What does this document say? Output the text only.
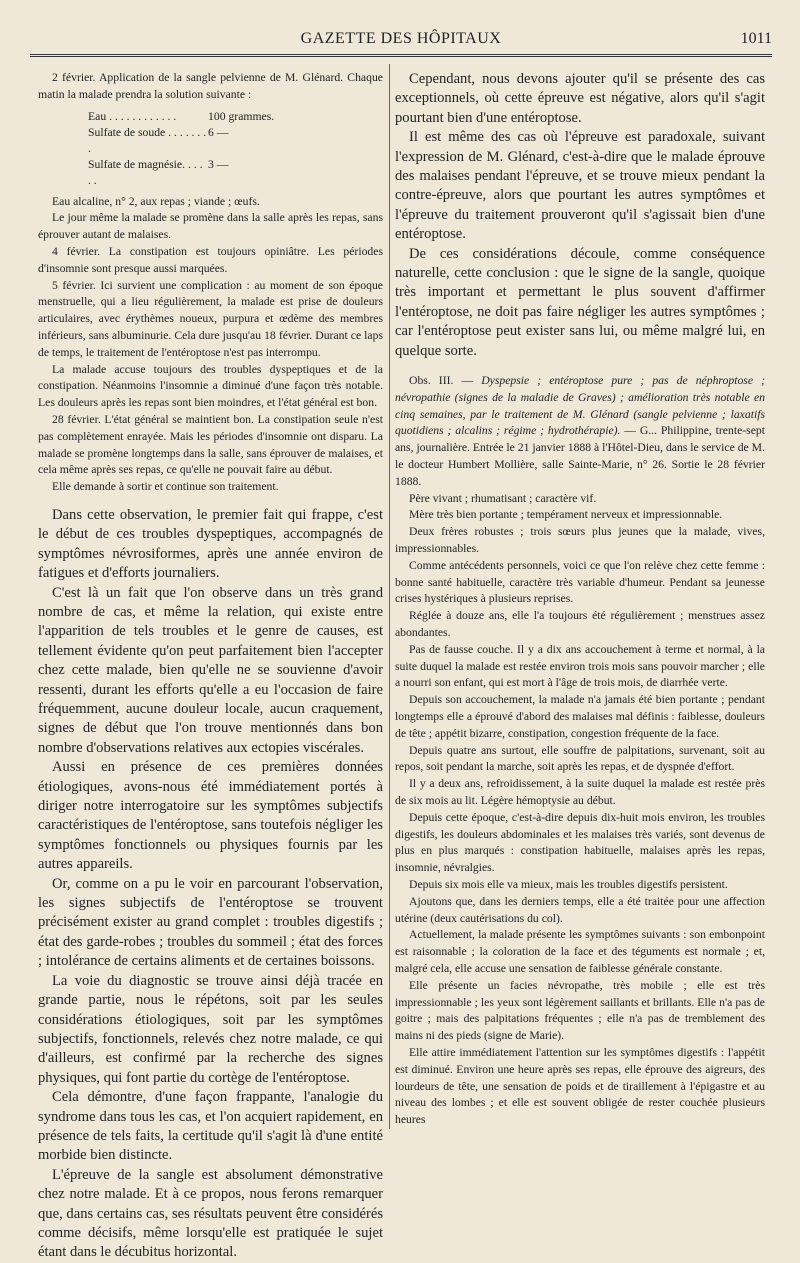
GAZETTE DES HÔPITAUX	1011

2 février. Application de la sangle pelvienne de M. Glénard. Chaque matin la malade prendra la solution suivante :

Eau . . . . . . . . . . . .	100 grammes.
Sulfate de soude . . . . . . . .
6 —
Sulfate de magnésie. . . . . .
3 —

Eau alcaline, n° 2, aux repas ; viande ; œufs.

Le jour même la malade se promène dans la salle après les repas, sans éprouver autant de malaises.

4 février. La constipation est toujours opiniâtre. Les périodes d'insomnie sont presque aussi marquées.

5 février. Ici survient une complication : au moment de son époque menstruelle, qui a lieu régulièrement, la malade est prise de douleurs articulaires, avec érythèmes noueux, purpura et œdème des membres inférieurs, sans albuminurie. Cela dure jusqu'au 18 février. Durant ce laps de temps, le traitement de l'entéroptose n'est pas interrompu.

La malade accuse toujours des troubles dyspeptiques et de la constipation. Néanmoins l'insomnie a diminué d'une façon très notable. Les douleurs après les repas sont bien moindres, et l'état général est bon.

28 février. L'état général se maintient bon. La constipation seule n'est pas complètement enrayée. Mais les périodes d'insomnie ont disparu. La malade se promène longtemps dans la salle, sans éprouver de malaises, et cela même après ses repas, ce qu'elle ne pouvait faire au début.

Elle demande à sortir et continue son traitement.

Dans cette observation, le premier fait qui frappe, c'est le début de ces troubles dyspeptiques, accompagnés de symptômes névrosiformes, après une année environ de fatigues et d'efforts journaliers.

C'est là un fait que l'on observe dans un très grand nombre de cas, et même la relation, qui existe entre l'apparition de tels troubles et le genre de causes, est tellement évidente qu'on peut parfaitement bien l'accepter chez cette malade, bien qu'elle ne se souvienne d'avoir ressenti, durant les efforts qu'elle a eu l'occasion de faire fréquemment, aucune douleur locale, aucun craquement, signes de début que l'on trouve mentionnés dans bon nombre d'observations relatives aux ectopies viscérales.

Aussi en présence de ces premières données étiologiques, avons-nous été immédiatement portés à diriger notre interrogatoire sur les symptômes subjectifs caractéristiques de l'entéroptose, sans toutefois négliger les symptômes fonctionnels ou physiques fournis par les autres appareils.

Or, comme on a pu le voir en parcourant l'observation, les signes subjectifs de l'entéroptose se trouvent précisément exister au grand complet : troubles digestifs ; état des garde-robes ; troubles du sommeil ; état des forces ; intolérance de certains aliments et de certaines boissons.

La voie du diagnostic se trouve ainsi déjà tracée en grande partie, nous le répétons, soit par les seules considérations étiologiques, soit par les symptômes subjectifs, fonctionnels, relevés chez notre malade, ce qui d'ailleurs, est confirmé par la recherche des signes physiques, qui font partie du cortège de l'entéroptose.

Cela démontre, d'une façon frappante, l'analogie du syndrome dans tous les cas, et l'on acquiert rapidement, en présence de tels faits, la certitude qu'il s'agit là d'une entité morbide bien distincte.

L'épreuve de la sangle est absolument démonstrative chez notre malade. Et à ce propos, nous ferons remarquer que, dans certains cas, ses résultats peuvent être considérés comme décisifs, même lorsqu'elle est pratiquée le sujet étant dans le décubitus horizontal.

Cependant, nous devons ajouter qu'il se présente des cas exceptionnels, où cette épreuve est négative, alors qu'il s'agit pourtant bien d'une entéroptose.

Il est même des cas où l'épreuve est paradoxale, suivant l'expression de M. Glénard, c'est-à-dire que le malade éprouve des malaises pendant l'épreuve, et se trouve mieux pendant la contre-épreuve, alors que pourtant les autres symptômes et l'épreuve du traitement prouveront qu'il s'agissait bien d'une entéroptose.

De ces considérations découle, comme conséquence naturelle, cette conclusion : que le signe de la sangle, quoique très important et permettant le plus souvent d'affirmer l'entéroptose, ne doit pas faire négliger les autres symptômes ; car l'entéroptose peut exister sans lui, ou même malgré lui, en quelque sorte.

Obs. III. — Dyspepsie ; entéroptose pure ; pas de néphroptose ; névropathie (signes de la maladie de Graves) ; amélioration très notable en cinq semaines, par le traitement de M. Glénard (sangle pelvienne ; laxatifs quotidiens ; alcalins ; régime ; hydrothérapie). — G... Philippine, trente-sept ans, journalière. Entrée le 21 janvier 1888 à l'Hôtel-Dieu, dans le service de M. le docteur Humbert Mollière, salle Sainte-Marie, n° 26. Sortie le 28 février 1888.

Père vivant ; rhumatisant ; caractère vif.

Mère très bien portante ; tempérament nerveux et impressionnable.

Deux frères robustes ; trois sœurs plus jeunes que la malade, vives, impressionnables.

Comme antécédents personnels, voici ce que l'on relève chez cette femme : bonne santé habituelle, caractère très variable d'humeur. Pendant sa jeunesse crises hystériques à plusieurs reprises.

Réglée à douze ans, elle l'a toujours été régulièrement ; menstrues assez abondantes.

Pas de fausse couche. Il y a dix ans accouchement à terme et normal, à la suite duquel la malade est restée environ trois mois sans pouvoir marcher ; elle a nourri son enfant, qui est mort à l'âge de trois mois, de diarrhée verte.

Depuis son accouchement, la malade n'a jamais été bien portante ; pendant longtemps elle a éprouvé d'abord des malaises mal définis : faiblesse, douleurs de tête ; appétit bizarre, constipation, congestion fréquente de la face.

Depuis quatre ans surtout, elle souffre de palpitations, survenant, soit au repos, soit pendant la marche, soit après les repas, et de dyspnée d'effort.

Il y a deux ans, refroidissement, à la suite duquel la malade est restée près de six mois au lit. Légère hémoptysie au début.

Depuis cette époque, c'est-à-dire depuis dix-huit mois environ, les troubles digestifs, les douleurs abdominales et les malaises très variés, sont devenus de plus en plus marqués : constipation habituelle, malaises après les repas, insomnie, névralgies.

Depuis six mois elle va mieux, mais les troubles digestifs persistent.

Ajoutons que, dans les derniers temps, elle a été traitée pour une affection utérine (deux cautérisations du col).

Actuellement, la malade présente les symptômes suivants : son embonpoint est raisonnable ; la coloration de la face et des téguments est normale ; et, malgré cela, elle accuse une sensation de faiblesse générale constante.

Elle présente un facies névropathe, très mobile ; elle est très impressionnable ; les yeux sont légèrement saillants et brillants. Elle n'a pas de goitre ; mais des palpitations fréquentes ; elle n'a pas de tremblement des mains ni des pieds (signe de Marie).

Elle attire immédiatement l'attention sur les symptômes digestifs : l'appétit est diminué. Environ une heure après ses repas, elle éprouve des aigreurs, des lourdeurs de tête, une sensation de poids et de tiraillement à l'épigastre et au niveau des lombes ; et elle est souvent obligée de rester couchée plusieurs heures
